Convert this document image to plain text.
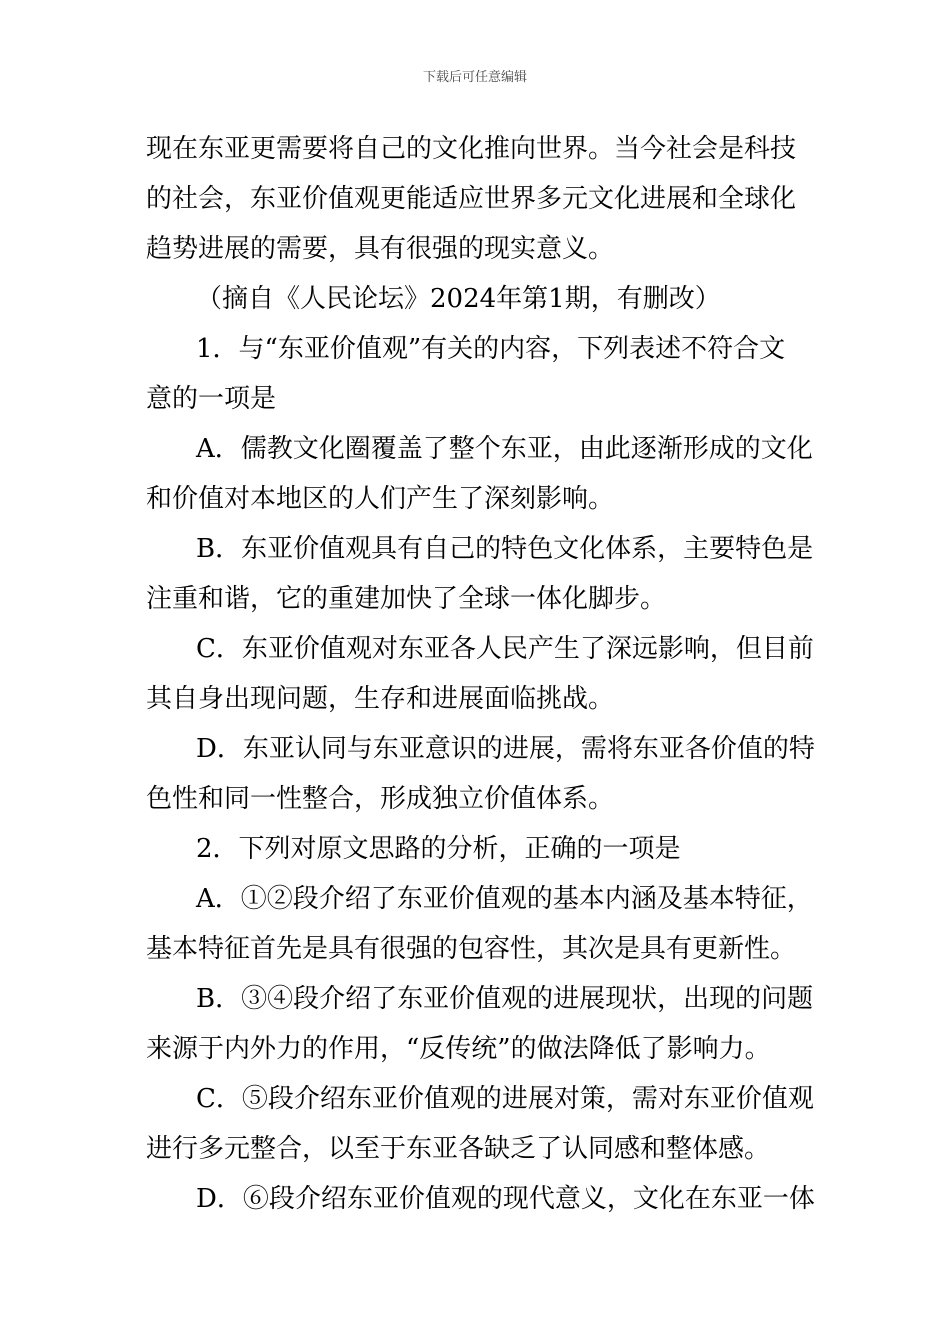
下载后可任意编辑
现在东亚更需要将自己的文化推向世界。当今社会是科技
的社会，东亚价值观更能适应世界多元文化进展和全球化
趋势进展的需要，具有很强的现实意义。
（摘自《人民论坛》2024年第1期，有删改）
1．与“东亚价值观”有关的内容，下列表述不符合文
意的一项是
A．儒教文化圈覆盖了整个东亚，由此逐渐形成的文化
和价值对本地区的人们产生了深刻影响。
B．东亚价值观具有自己的特色文化体系，主要特色是
注重和谐，它的重建加快了全球一体化脚步。
C．东亚价值观对东亚各人民产生了深远影响，但目前
其自身出现问题，生存和进展面临挑战。
D．东亚认同与东亚意识的进展，需将东亚各价值的特
色性和同一性整合，形成独立价值体系。
2．下列对原文思路的分析，正确的一项是
A．①②段介绍了东亚价值观的基本内涵及基本特征，
基本特征首先是具有很强的包容性，其次是具有更新性。
B．③④段介绍了东亚价值观的进展现状，出现的问题
来源于内外力的作用，“反传统”的做法降低了影响力。
C．⑤段介绍东亚价值观的进展对策，需对东亚价值观
进行多元整合，以至于东亚各缺乏了认同感和整体感。
D．⑥段介绍东亚价值观的现代意义，文化在东亚一体
